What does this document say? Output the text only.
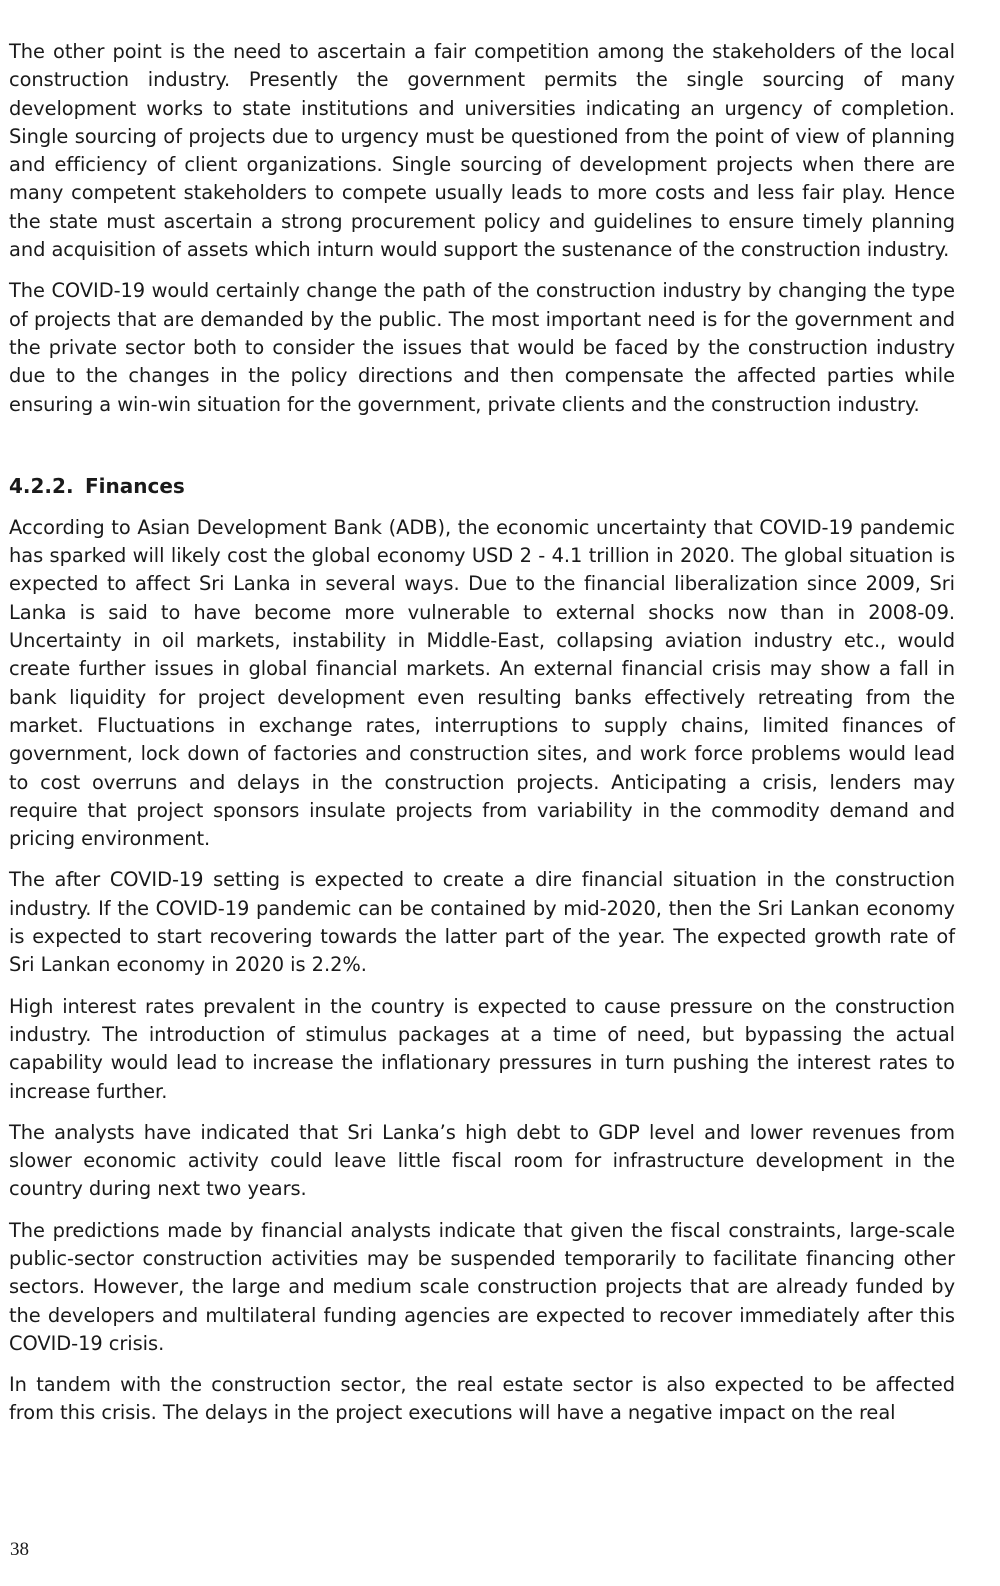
The other point is the need to ascertain a fair competition among the stakeholders of the local construction industry. Presently the government permits the single sourcing of many development works to state institutions and universities indicating an urgency of completion. Single sourcing of projects due to urgency must be questioned from the point of view of planning and efficiency of client organizations. Single sourcing of development projects when there are many competent stakeholders to compete usually leads to more costs and less fair play. Hence the state must ascertain a strong procurement policy and guidelines to ensure timely planning and acquisition of assets which inturn would support the sustenance of the construction industry.

The COVID-19 would certainly change the path of the construction industry by changing the type of projects that are demanded by the public. The most important need is for the government and the private sector both to consider the issues that would be faced by the construction industry due to the changes in the policy directions and then compensate the affected parties while ensuring a win-win situation for the government, private clients and the construction industry.

4.2.2. Finances

According to Asian Development Bank (ADB), the economic uncertainty that COVID-19 pandemic has sparked will likely cost the global economy USD 2 - 4.1 trillion in 2020. The global situation is expected to affect Sri Lanka in several ways. Due to the financial liberalization since 2009, Sri Lanka is said to have become more vulnerable to external shocks now than in 2008-09. Uncertainty in oil markets, instability in Middle-East, collapsing aviation industry etc., would create further issues in global financial markets. An external financial crisis may show a fall in bank liquidity for project development even resulting banks effectively retreating from the market. Fluctuations in exchange rates, interruptions to supply chains, limited finances of government, lock down of factories and construction sites, and work force problems would lead to cost overruns and delays in the construction projects. Anticipating a crisis, lenders may require that project sponsors insulate projects from variability in the commodity demand and pricing environment.

The after COVID-19 setting is expected to create a dire financial situation in the construction industry. If the COVID-19 pandemic can be contained by mid-2020, then the Sri Lankan economy is expected to start recovering towards the latter part of the year. The expected growth rate of Sri Lankan economy in 2020 is 2.2%.

High interest rates prevalent in the country is expected to cause pressure on the construction industry. The introduction of stimulus packages at a time of need, but bypassing the actual capability would lead to increase the inflationary pressures in turn pushing the interest rates to increase further.

The analysts have indicated that Sri Lanka’s high debt to GDP level and lower revenues from slower economic activity could leave little fiscal room for infrastructure development in the country during next two years.

The predictions made by financial analysts indicate that given the fiscal constraints, large-scale public-sector construction activities may be suspended temporarily to facilitate financing other sectors. However, the large and medium scale construction projects that are already funded by the developers and multilateral funding agencies are expected to recover immediately after this COVID-19 crisis.

In tandem with the construction sector, the real estate sector is also expected to be affected from this crisis. The delays in the project executions will have a negative impact on the real

38
